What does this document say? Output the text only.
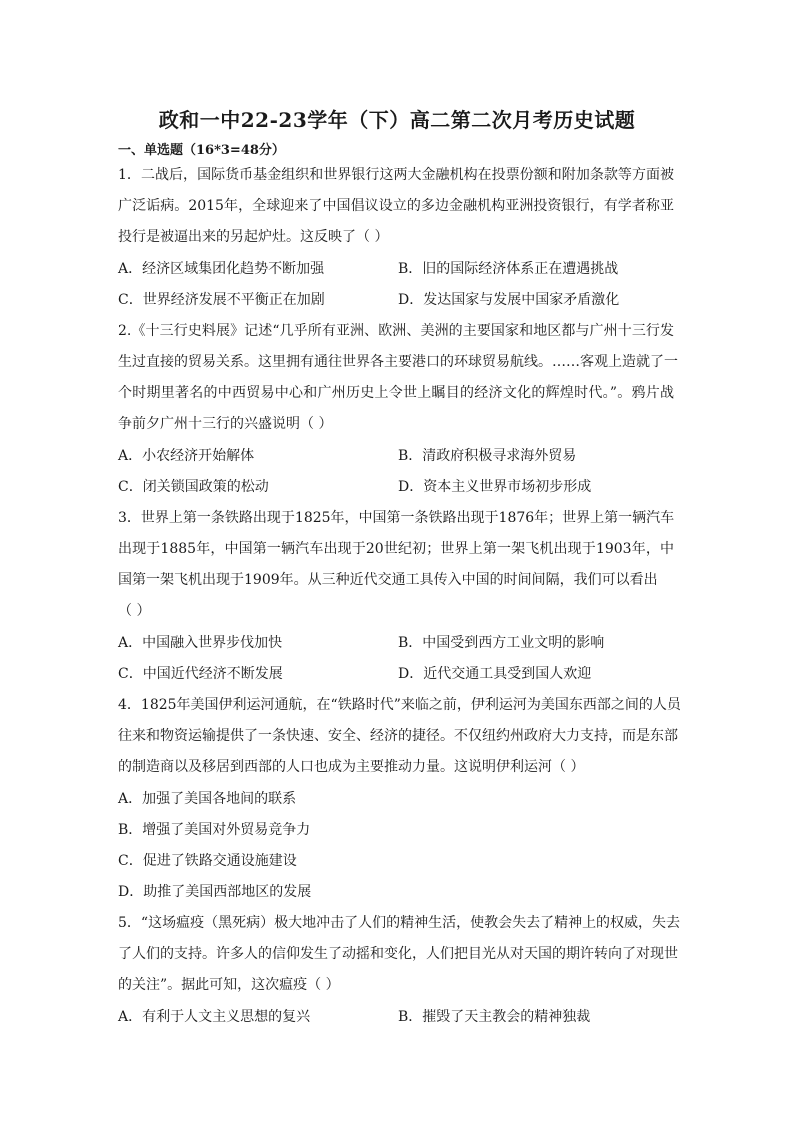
政和一中22-23学年（下）高二第二次月考历史试题
一、单选题（16*3=48分）
1．二战后，国际货币基金组织和世界银行这两大金融机构在投票份额和附加条款等方面被
广泛诟病。2015年，全球迎来了中国倡议设立的多边金融机构亚洲投资银行，有学者称亚
投行是被逼出来的另起炉灶。这反映了（ ）
A．经济区域集团化趋势不断加强	B．旧的国际经济体系正在遭遇挑战
C．世界经济发展不平衡正在加剧	D．发达国家与发展中国家矛盾激化
2.《十三行史料展》记述“几乎所有亚洲、欧洲、美洲的主要国家和地区都与广州十三行发
生过直接的贸易关系。这里拥有通往世界各主要港口的环球贸易航线。……客观上造就了一
个时期里著名的中西贸易中心和广州历史上令世上瞩目的经济文化的辉煌时代。”。鸦片战
争前夕广州十三行的兴盛说明（ ）
A．小农经济开始解体	B．清政府积极寻求海外贸易
C．闭关锁国政策的松动	D．资本主义世界市场初步形成
3．世界上第一条铁路出现于1825年，中国第一条铁路出现于1876年；世界上第一辆汽车
出现于1885年，中国第一辆汽车出现于20世纪初；世界上第一架飞机出现于1903年，中
国第一架飞机出现于1909年。从三种近代交通工具传入中国的时间间隔，我们可以看出
（ ）
A．中国融入世界步伐加快	B．中国受到西方工业文明的影响
C．中国近代经济不断发展	D．近代交通工具受到国人欢迎
4．1825年美国伊利运河通航，在“铁路时代”来临之前，伊利运河为美国东西部之间的人员
往来和物资运输提供了一条快速、安全、经济的捷径。不仅纽约州政府大力支持，而是东部
的制造商以及移居到西部的人口也成为主要推动力量。这说明伊利运河（ ）
A．加强了美国各地间的联系
B．增强了美国对外贸易竞争力
C．促进了铁路交通设施建设
D．助推了美国西部地区的发展
5．“这场瘟疫（黑死病）极大地冲击了人们的精神生活，使教会失去了精神上的权威，失去
了人们的支持。许多人的信仰发生了动摇和变化，人们把目光从对天国的期许转向了对现世
的关注”。据此可知，这次瘟疫（ ）
A．有利于人文主义思想的复兴	B．摧毁了天主教会的精神独裁
